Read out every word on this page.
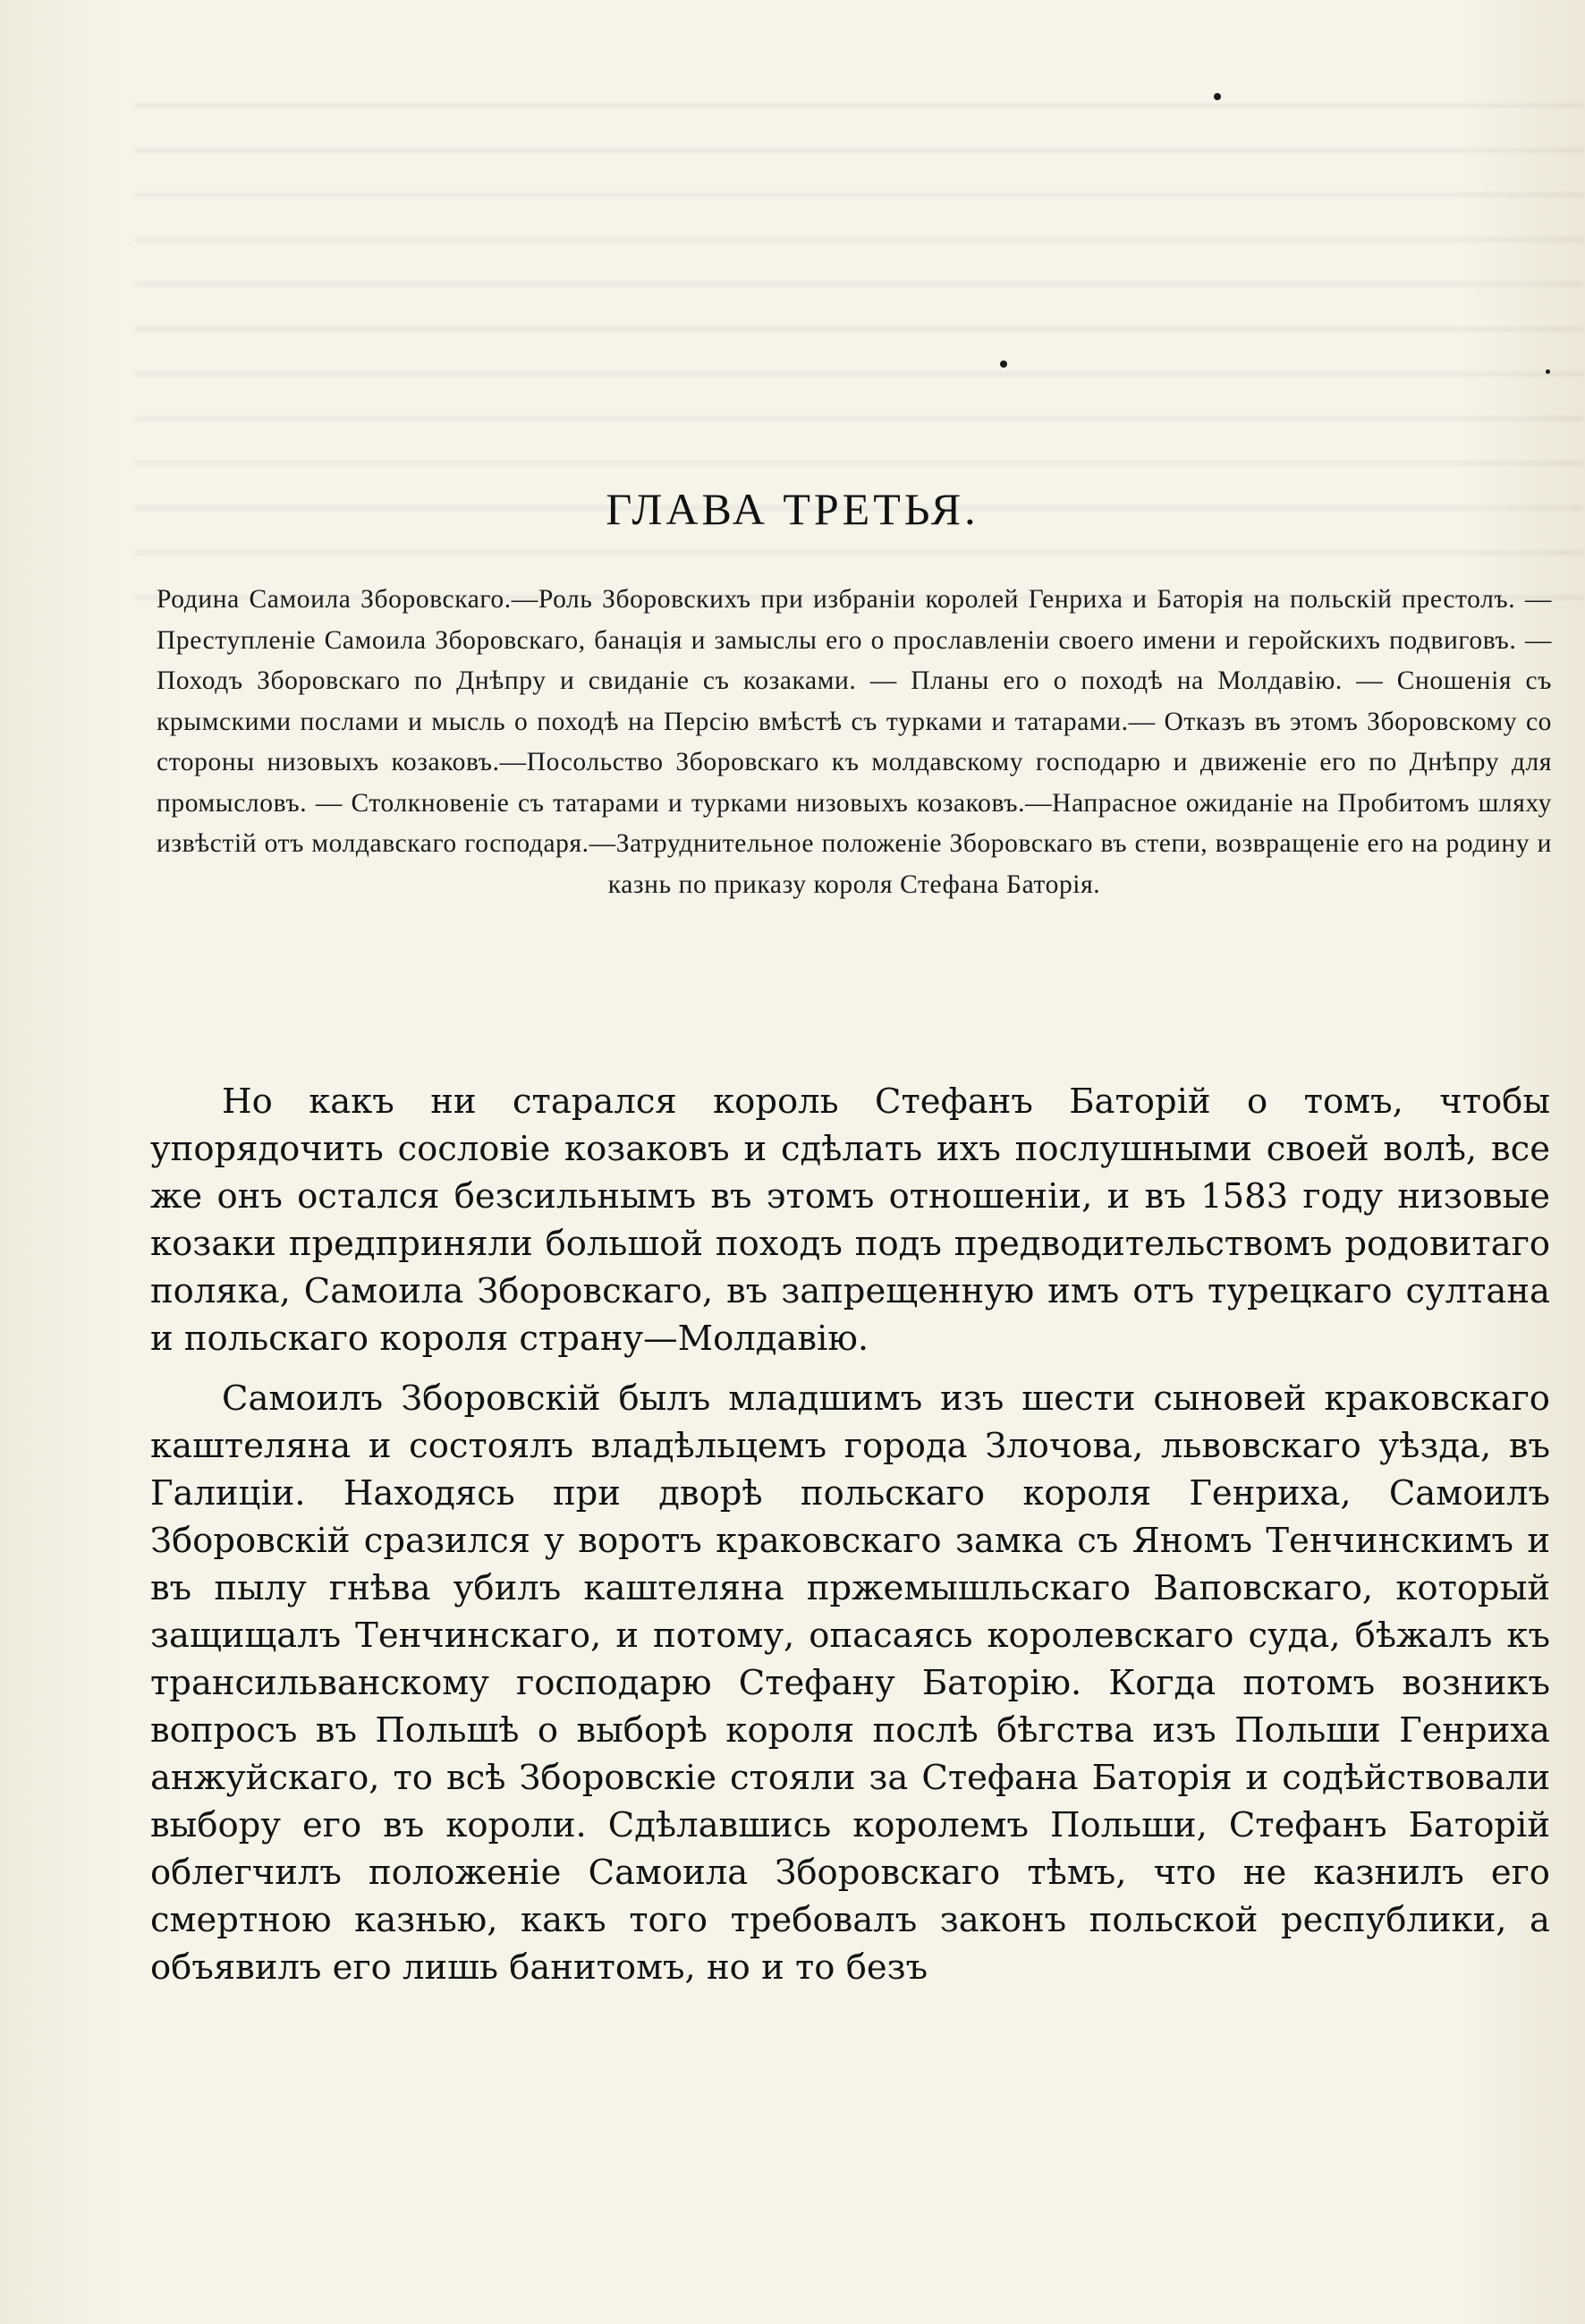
ГЛАВА ТРЕТЬЯ.
Родина Самоила Зборовскаго.—Роль Зборовскихъ при избраніи королей Генриха и Баторія на польскій престолъ. — Преступленіе Самоила Зборовскаго, банація и замыслы его о прославленіи своего имени и геройскихъ подвиговъ. — Походъ Зборовскаго по Днѣпру и свиданіе съ козаками. — Планы его о походѣ на Молдавію. — Сношенія съ крымскими послами и мысль о походѣ на Персію вмѣстѣ съ турками и татарами.— Отказъ въ этомъ Зборовскому со стороны низовыхъ козаковъ.—Посольство Зборовскаго къ молдавскому господарю и движеніе его по Днѣпру для промысловъ. — Столкновеніе съ татарами и турками низовыхъ козаковъ.—Напрасное ожиданіе на Пробитомъ шляху извѣстій отъ молдавскаго господаря.—Затруднительное положеніе Зборовскаго въ степи, возвращеніе его на родину и казнь по приказу короля Стефана Баторія.

Но какъ ни старался король Стефанъ Баторій о томъ, чтобы упорядочить сословіе козаковъ и сдѣлать ихъ послушными своей волѣ, все же онъ остался безсильнымъ въ этомъ отношеніи, и въ 1583 году низовые козаки предприняли большой походъ подъ предводительствомъ родовитаго поляка, Самоила Зборовскаго, въ запрещенную имъ отъ турецкаго султана и польскаго короля страну—Молдавію.

Самоилъ Зборовскій былъ младшимъ изъ шести сыновей краковскаго каштеляна и состоялъ владѣльцемъ города Злочова, львовскаго уѣзда, въ Галиціи. Находясь при дворѣ польскаго короля Генриха, Самоилъ Зборовскій сразился у воротъ краковскаго замка съ Яномъ Тенчинскимъ и въ пылу гнѣва убилъ каштеляна пржемышльскаго Ваповскаго, который защищалъ Тенчинскаго, и потому, опасаясь королевскаго суда, бѣжалъ къ трансильванскому господарю Стефану Баторію. Когда потомъ возникъ вопросъ въ Польшѣ о выборѣ короля послѣ бѣгства изъ Польши Генриха анжуйскаго, то всѣ Зборовскіе стояли за Стефана Баторія и содѣйствовали выбору его въ короли. Сдѣлавшись королемъ Польши, Стефанъ Баторій облегчилъ положеніе Самоила Зборовскаго тѣмъ, что не казнилъ его смертною казнью, какъ того требовалъ законъ польской республики, а объявилъ его лишь банитомъ, но и то безъ
